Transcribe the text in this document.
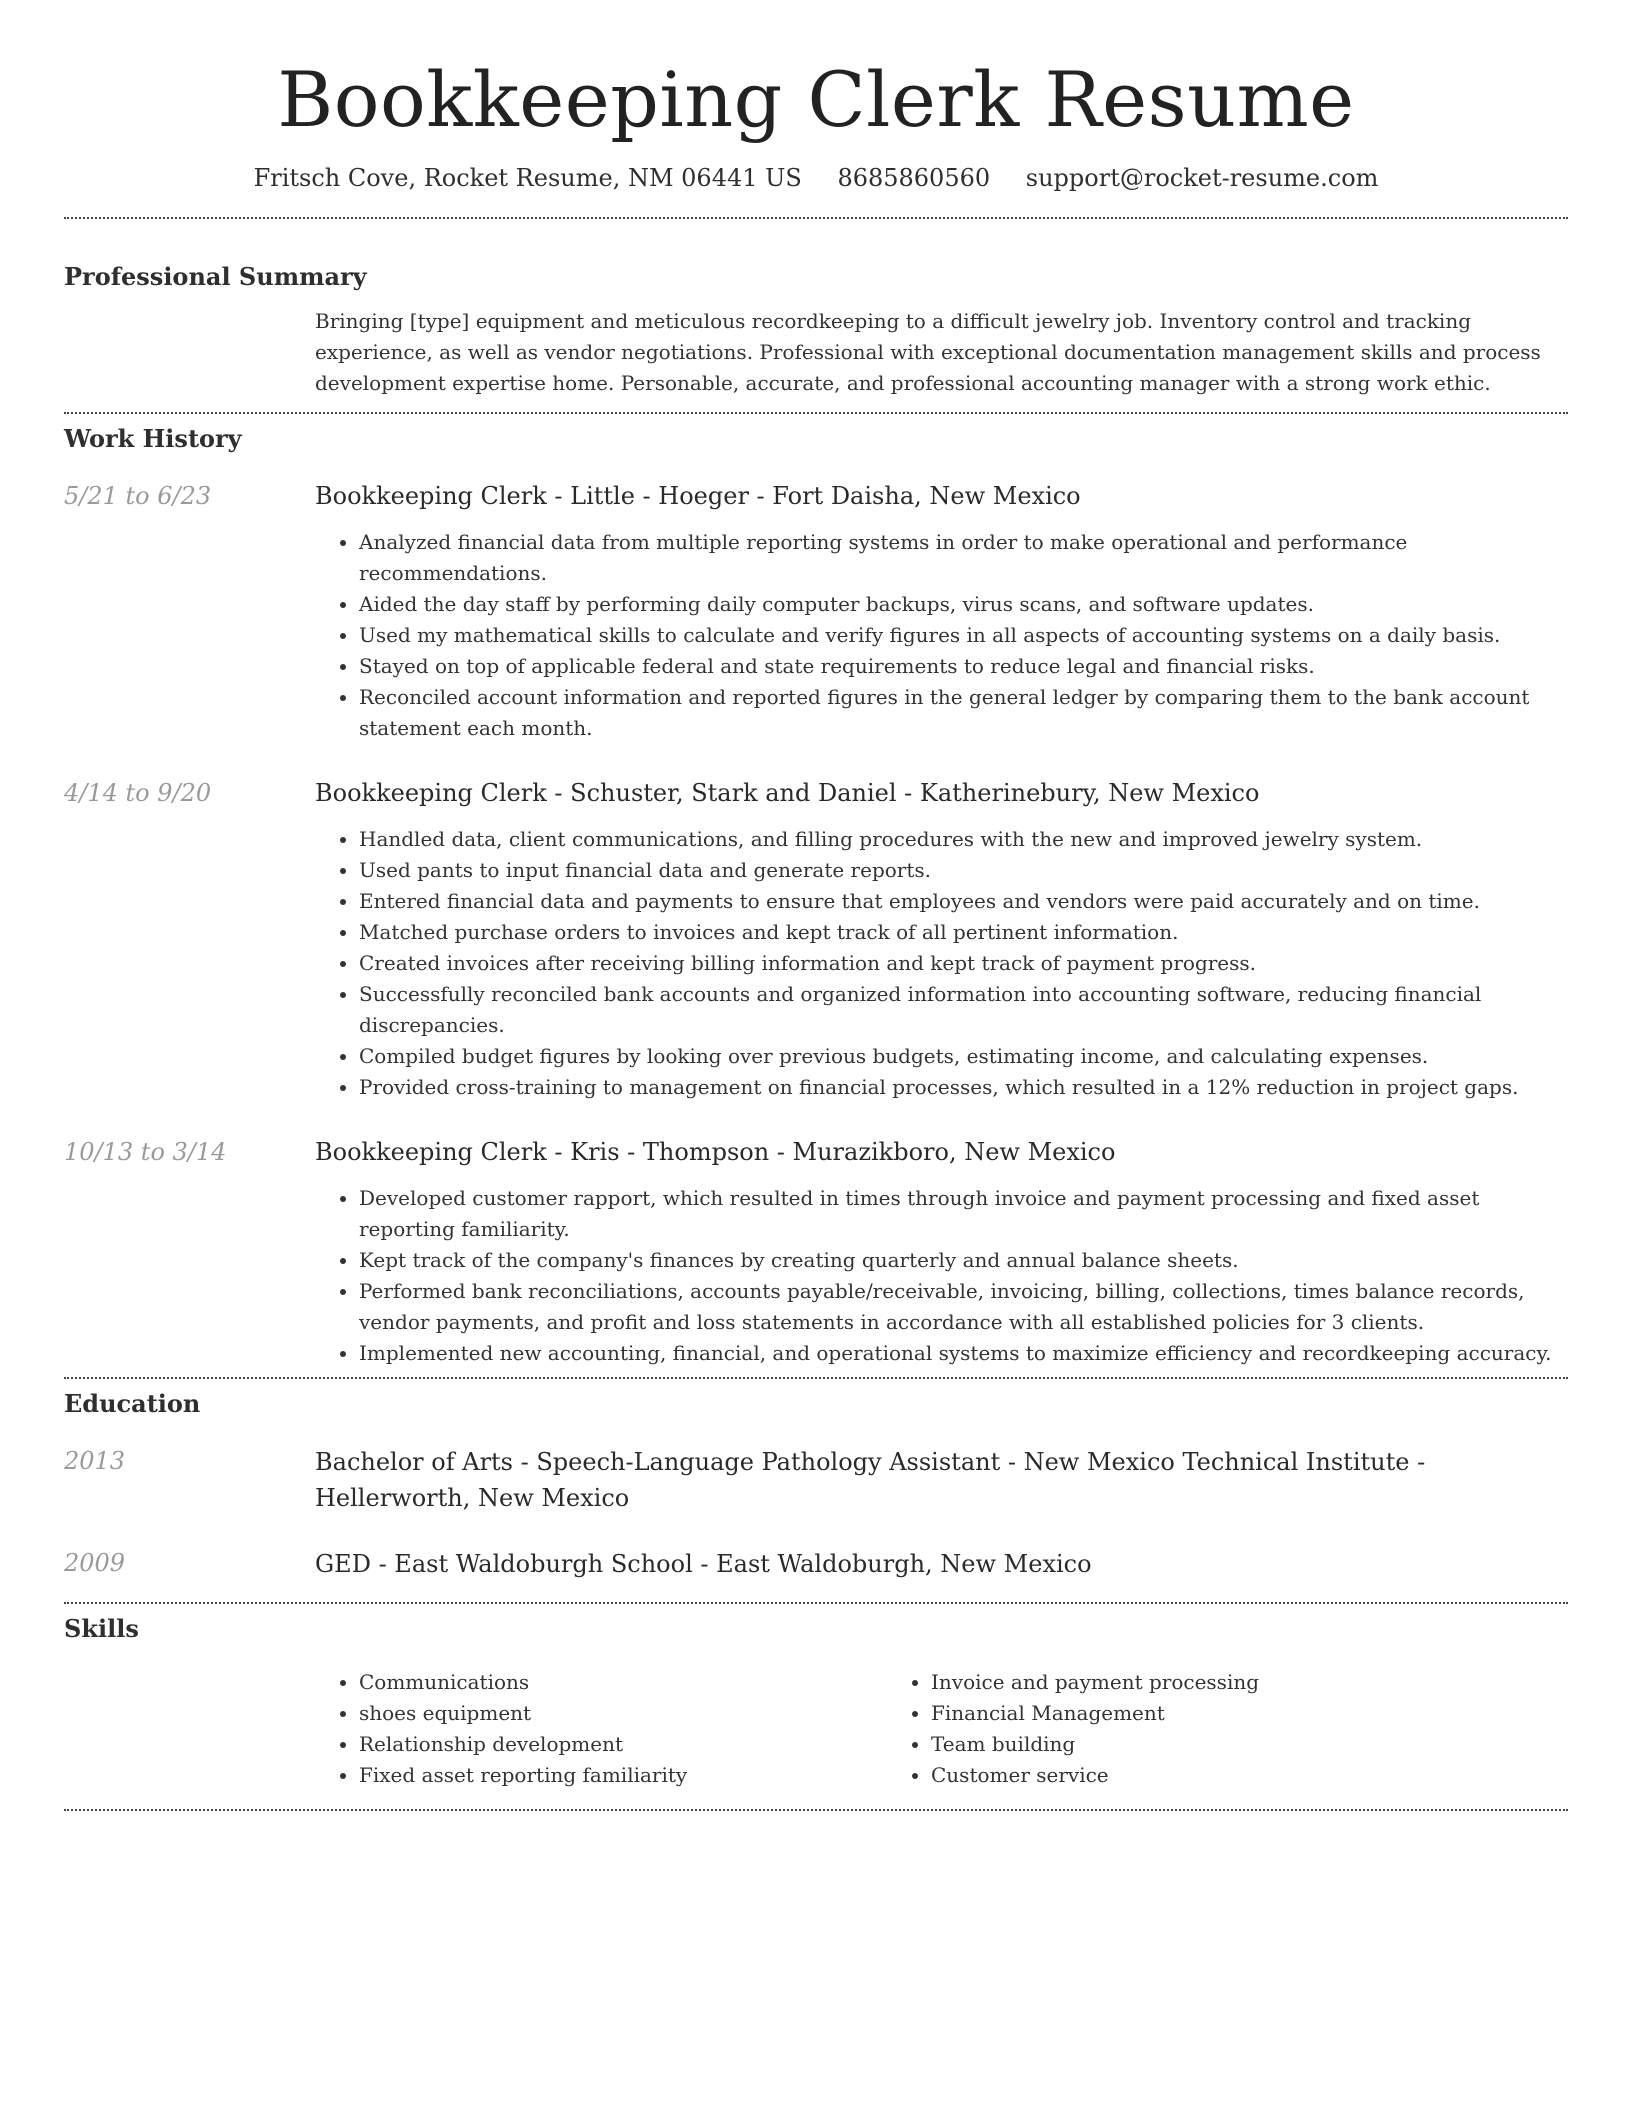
Bookkeeping Clerk Resume
Fritsch Cove, Rocket Resume, NM 06441 US 8685860560 support@rocket-resume.com
Professional Summary

Bringing [type] equipment and meticulous recordkeeping to a difficult jewelry job. Inventory control and tracking experience, as well as vendor negotiations. Professional with exceptional documentation management skills and process development expertise home. Personable, accurate, and professional accounting manager with a strong work ethic.

Work History
5/21 to 6/23	Bookkeeping Clerk - Little - Hoeger - Fort Daisha, New Mexico

• Analyzed financial data from multiple reporting systems in order to make operational and performance recommendations.
• Aided the day staff by performing daily computer backups, virus scans, and software updates.
• Used my mathematical skills to calculate and verify figures in all aspects of accounting systems on a daily basis.
• Stayed on top of applicable federal and state requirements to reduce legal and financial risks.
• Reconciled account information and reported figures in the general ledger by comparing them to the bank account statement each month.
4/14 to 9/20	Bookkeeping Clerk - Schuster, Stark and Daniel - Katherinebury, New Mexico

• Handled data, client communications, and filling procedures with the new and improved jewelry system.
• Used pants to input financial data and generate reports.
• Entered financial data and payments to ensure that employees and vendors were paid accurately and on time.
• Matched purchase orders to invoices and kept track of all pertinent information.
• Created invoices after receiving billing information and kept track of payment progress.
• Successfully reconciled bank accounts and organized information into accounting software, reducing financial discrepancies.
• Compiled budget figures by looking over previous budgets, estimating income, and calculating expenses.
• Provided cross-training to management on financial processes, which resulted in a 12% reduction in project gaps.
10/13 to 3/14	Bookkeeping Clerk - Kris - Thompson - Murazikboro, New Mexico

• Developed customer rapport, which resulted in times through invoice and payment processing and fixed asset reporting familiarity.
• Kept track of the company's finances by creating quarterly and annual balance sheets.
• Performed bank reconciliations, accounts payable/receivable, invoicing, billing, collections, times balance records, vendor payments, and profit and loss statements in accordance with all established policies for 3 clients.
• Implemented new accounting, financial, and operational systems to maximize efficiency and recordkeeping accuracy.
Education
2013	Bachelor of Arts - Speech-Language Pathology Assistant - New Mexico Technical Institute - Hellerworth, New Mexico

2009	GED - East Waldoburgh School - East Waldoburgh, New Mexico

Skills
• Communications
• shoes equipment
• Relationship development
• Fixed asset reporting familiarity
• Invoice and payment processing
• Financial Management
• Team building
• Customer service
